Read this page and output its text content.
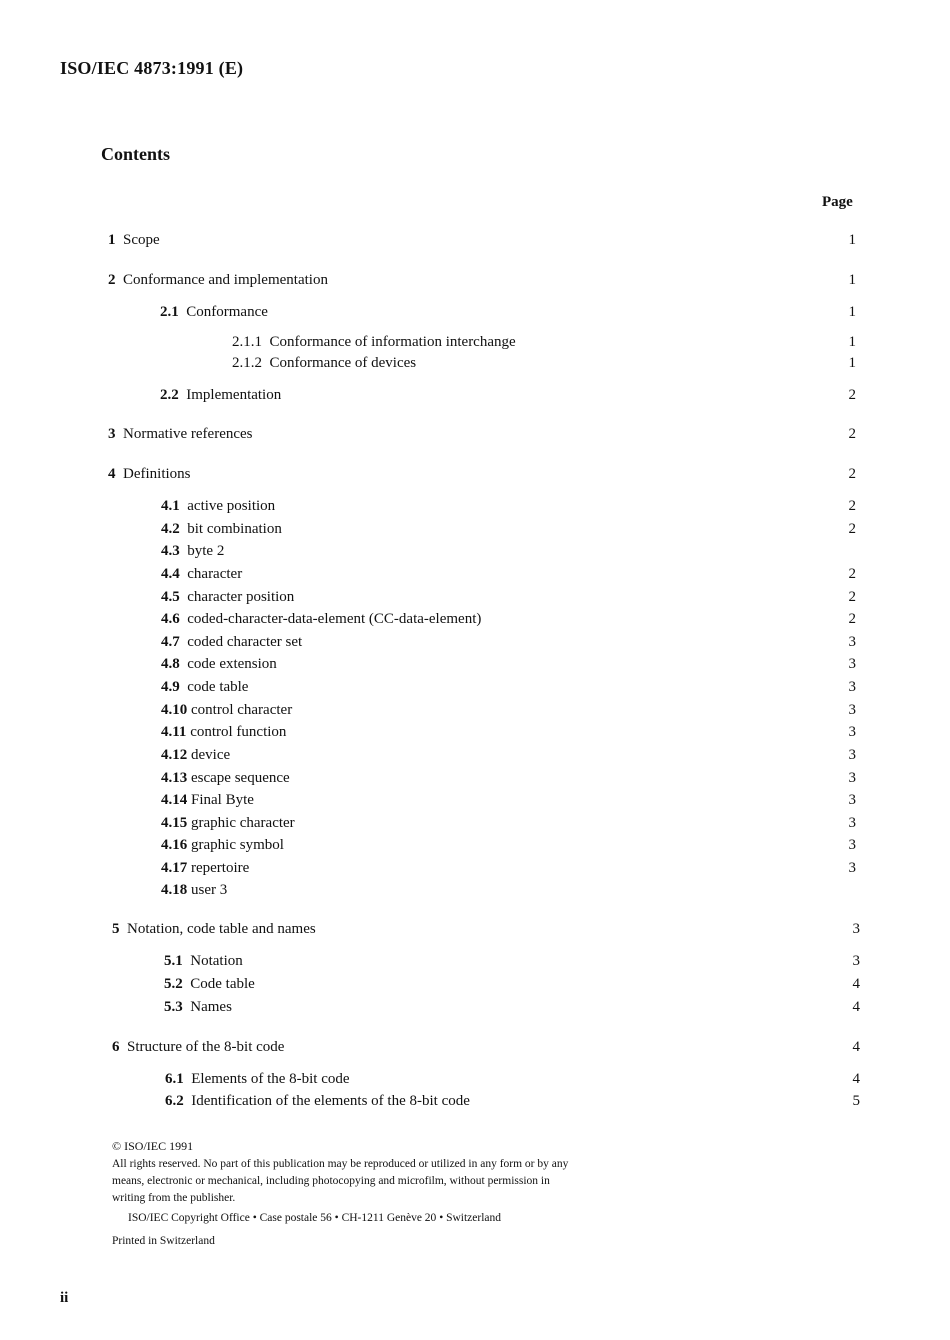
ISO/IEC 4873:1991 (E)
Contents
Page
1 Scope	1
2 Conformance and implementation	1
2.1 Conformance	1
2.1.1 Conformance of information interchange	1
2.1.2 Conformance of devices	1
2.2 Implementation	2
3 Normative references	2
4 Definitions	2
4.1 active position	2
4.2 bit combination	2
4.3 byte 2
4.4 character	2
4.5 character position	2
4.6 coded-character-data-element (CC-data-element)	2
4.7 coded character set	3
4.8 code extension	3
4.9 code table	3
4.10 control character	3
4.11 control function	3
4.12 device	3
4.13 escape sequence	3
4.14 Final Byte	3
4.15 graphic character	3
4.16 graphic symbol	3
4.17 repertoire	3
4.18 user 3
5 Notation, code table and names	3
5.1 Notation	3
5.2 Code table	4
5.3 Names	4
6 Structure of the 8-bit code	4
6.1 Elements of the 8-bit code	4
6.2 Identification of the elements of the 8-bit code	5
© ISO/IEC 1991
All rights reserved. No part of this publication may be reproduced or utilized in any form or by any
means, electronic or mechanical, including photocopying and microfilm, without permission in
writing from the publisher.
ISO/IEC Copyright Office • Case postale 56 • CH-1211 Genève 20 • Switzerland
Printed in Switzerland
ii
